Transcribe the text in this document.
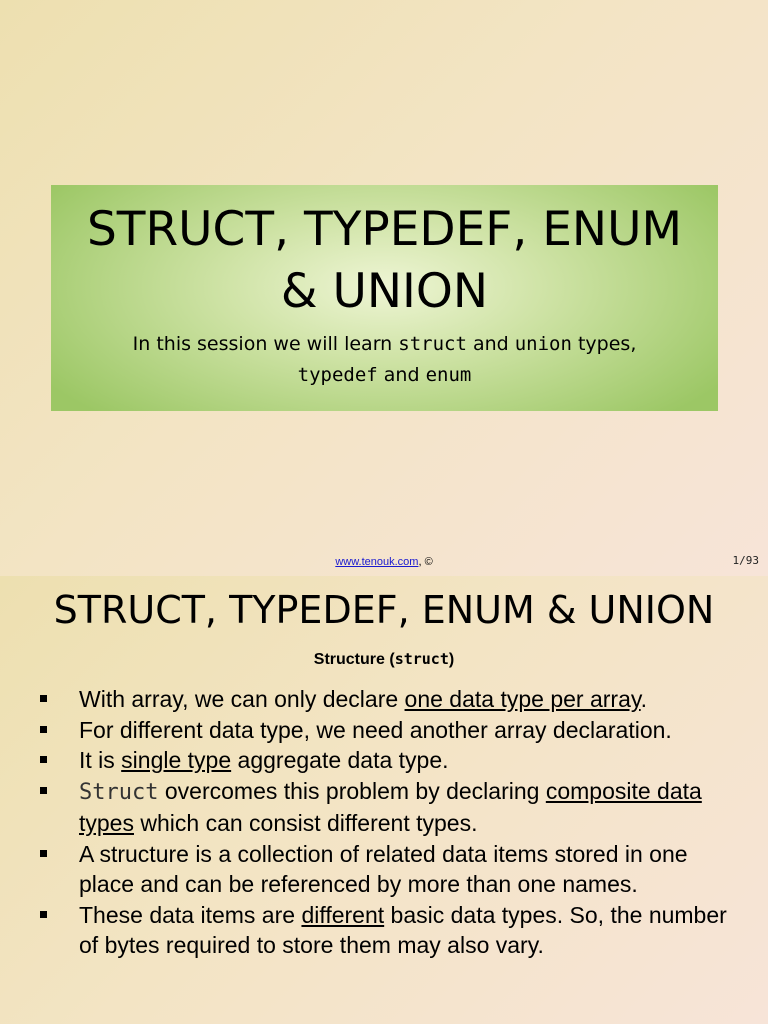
STRUCT, TYPEDEF, ENUM
& UNION

In this session we will learn struct and union types,
typedef and enum

www.tenouk.com, ©	1/93
STRUCT, TYPEDEF, ENUM & UNION
Structure (struct)
With array, we can only declare one data type per array.
For different data type, we need another array declaration.
It is single type aggregate data type.
Struct overcomes this problem by declaring composite data types which can consist different types.
A structure is a collection of related data items stored in one place and can be referenced by more than one names.
These data items are different basic data types. So, the number of bytes required to store them may also vary.
